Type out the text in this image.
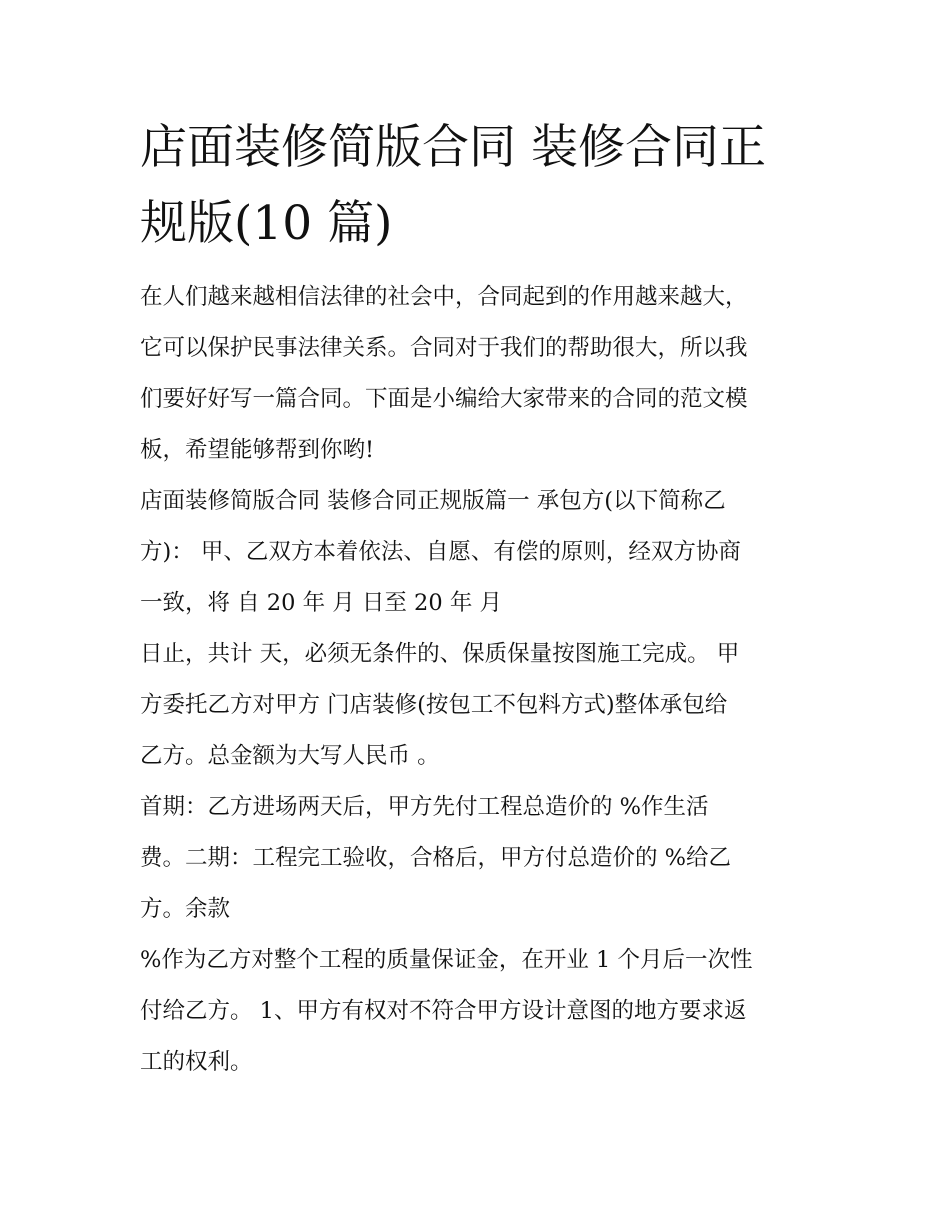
店面装修简版合同 装修合同正
规版(10 篇)

在人们越来越相信法律的社会中，合同起到的作用越来越大，
它可以保护民事法律关系。合同对于我们的帮助很大，所以我
们要好好写一篇合同。下面是小编给大家带来的合同的范文模
板，希望能够帮到你哟!

店面装修简版合同 装修合同正规版篇一 承包方(以下简称乙
方)： 甲、乙双方本着依法、自愿、有偿的原则，经双方协商
一致，将 自 20 年 月 日至 20 年 月

日止，共计 天，必须无条件的、保质保量按图施工完成。 甲
方委托乙方对甲方 门店装修(按包工不包料方式)整体承包给
乙方。总金额为大写人民币 。

首期：乙方进场两天后，甲方先付工程总造价的 %作生活
费。二期：工程完工验收，合格后，甲方付总造价的 %给乙
方。余款

%作为乙方对整个工程的质量保证金，在开业 1 个月后一次性
付给乙方。 1、甲方有权对不符合甲方设计意图的地方要求返
工的权利。
